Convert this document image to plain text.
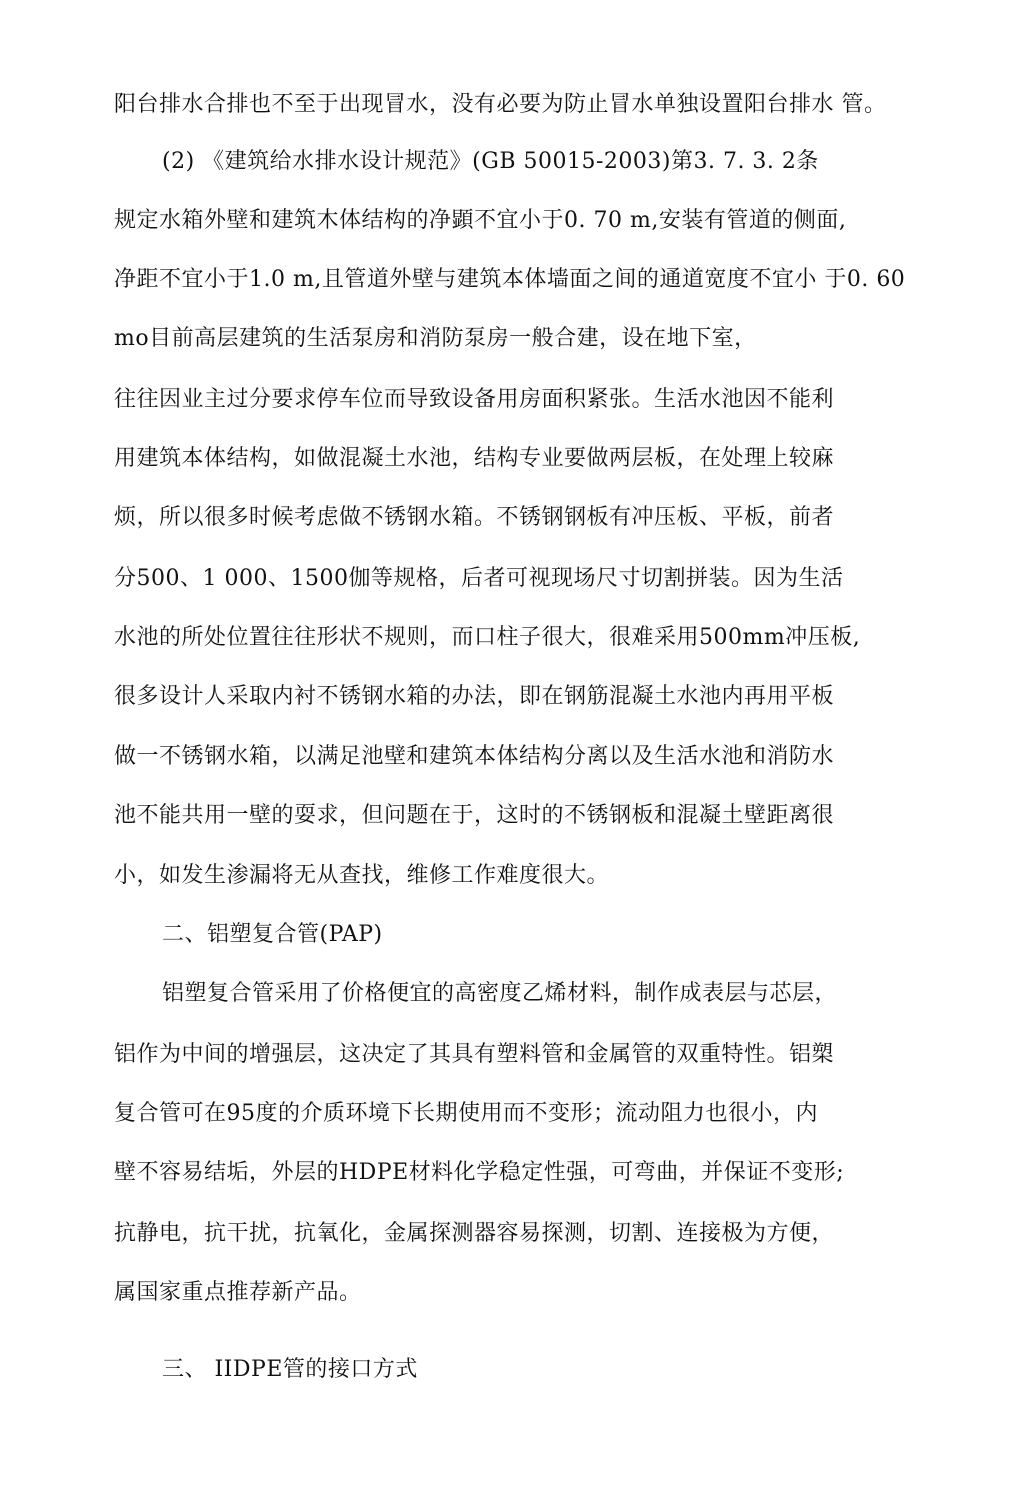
阳台排水合排也不至于出现冒水，没有必要为防止冒水单独设置阳台排水 管。
(2) 《建筑给水排水设计规范》(GB 50015-2003)第3. 7. 3. 2条
规定水箱外壁和建筑木体结构的净顕不宜小于0. 70 m,安装有管道的侧面,
净距不宜小于1.0 m,且管道外壁与建筑本体墙面之间的通道宽度不宜小 于0. 60
mo目前高层建筑的生活泵房和消防泵房一般合建，设在地下室，
往往因业主过分要求停车位而导致设备用房面积紧张。生活水池因不能利
用建筑本体结构，如做混凝土水池，结构专业要做两层板，在处理上较麻
烦，所以很多时候考虑做不锈钢水箱。不锈钢钢板有冲压板、平板，前者
分500、1 000、1500伽等规格，后者可视现场尺寸切割拼装。因为生活
水池的所处位置往往形状不规则，而口柱子很大，很难采用500mm冲压板,
很多设计人采取内衬不锈钢水箱的办法，即在钢筋混凝土水池内再用平板
做一不锈钢水箱，以满足池壁和建筑本体结构分离以及生活水池和消防水
池不能共用一壁的耍求，但问题在于，这时的不锈钢板和混凝土壁距离很
小，如发生渗漏将无从查找，维修工作难度很大。
二、铝塑复合管(PAP)
铝塑复合管采用了价格便宜的高密度乙烯材料，制作成表层与芯层，
铝作为中间的增强层，这决定了其具有塑料管和金属管的双重特性。铝槊
复合管可在95度的介质环境下长期使用而不变形；流动阻力也很小，内
壁不容易结垢，外层的HDPE材料化学稳定性强，可弯曲，并保证不变形;
抗静电，抗干扰，抗氧化，金属探测器容易探测，切割、连接极为方便，
属国家重点推荐新产品。
三、 IIDPE管的接口方式
